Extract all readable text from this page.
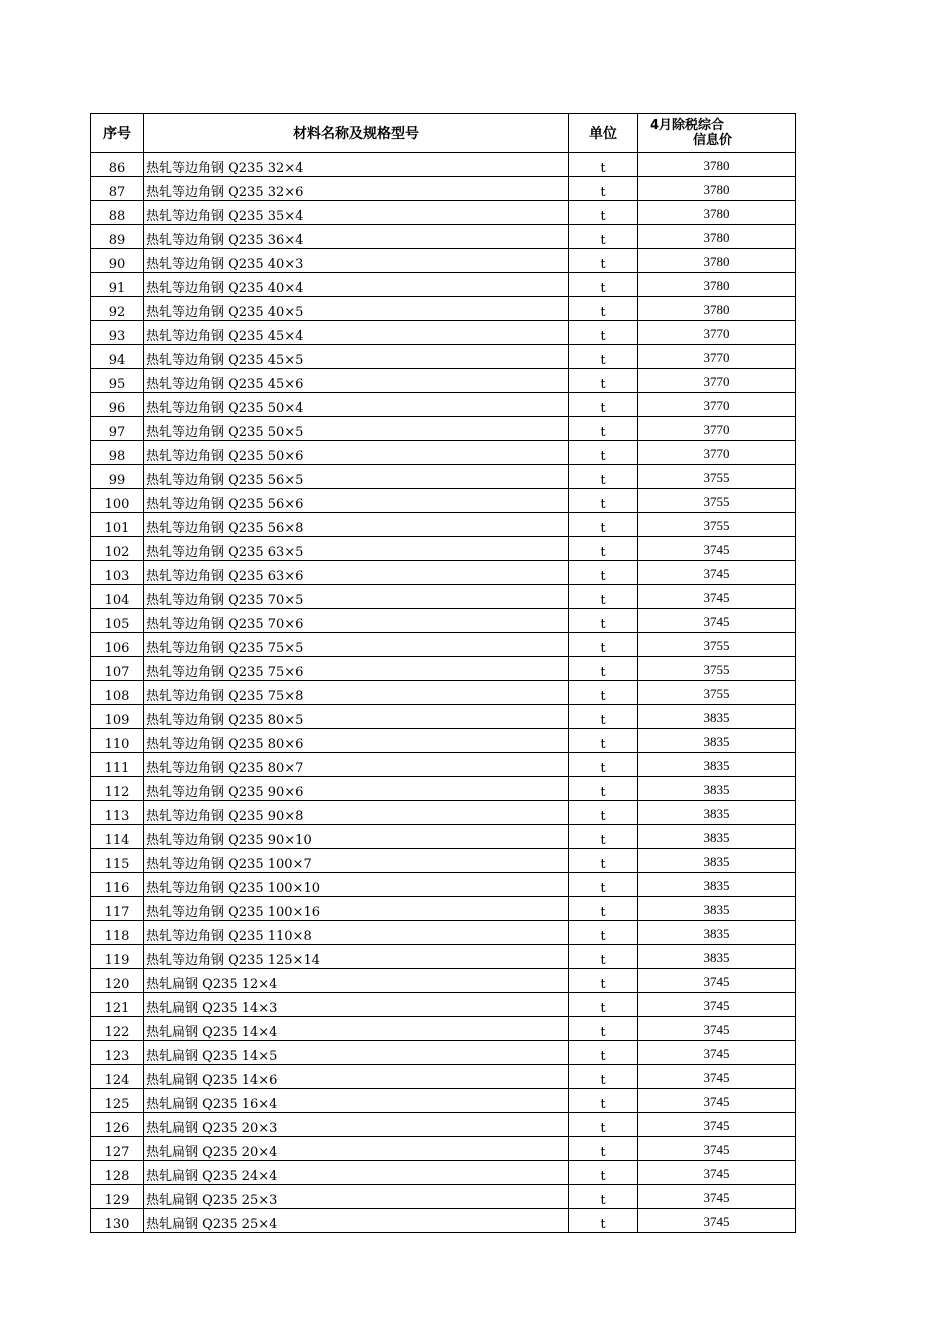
序号	材料名称及规格型号	单位	4月除税综合
信息价

86	热轧等边角钢 Q235 32×4	t	3780
87	热轧等边角钢 Q235 32×6	t	3780
88	热轧等边角钢 Q235 35×4	t	3780
89	热轧等边角钢 Q235 36×4	t	3780
90	热轧等边角钢 Q235 40×3	t	3780
91	热轧等边角钢 Q235 40×4	t	3780
92	热轧等边角钢 Q235 40×5	t	3780
93	热轧等边角钢 Q235 45×4	t	3770
94	热轧等边角钢 Q235 45×5	t	3770
95	热轧等边角钢 Q235 45×6	t	3770
96	热轧等边角钢 Q235 50×4	t	3770
97	热轧等边角钢 Q235 50×5	t	3770
98	热轧等边角钢 Q235 50×6	t	3770
99	热轧等边角钢 Q235 56×5	t	3755
100	热轧等边角钢 Q235 56×6	t	3755
101	热轧等边角钢 Q235 56×8	t	3755
102	热轧等边角钢 Q235 63×5	t	3745
103	热轧等边角钢 Q235 63×6	t	3745
104	热轧等边角钢 Q235 70×5	t	3745
105	热轧等边角钢 Q235 70×6	t	3745
106	热轧等边角钢 Q235 75×5	t	3755
107	热轧等边角钢 Q235 75×6	t	3755
108	热轧等边角钢 Q235 75×8	t	3755
109	热轧等边角钢 Q235 80×5	t	3835
110	热轧等边角钢 Q235 80×6	t	3835
111	热轧等边角钢 Q235 80×7	t	3835
112	热轧等边角钢 Q235 90×6	t	3835
113	热轧等边角钢 Q235 90×8	t	3835
114	热轧等边角钢 Q235 90×10	t	3835
115	热轧等边角钢 Q235 100×7	t	3835
116	热轧等边角钢 Q235 100×10	t	3835
117	热轧等边角钢 Q235 100×16	t	3835
118	热轧等边角钢 Q235 110×8	t	3835
119	热轧等边角钢 Q235 125×14	t	3835
120	热轧扁钢 Q235 12×4	t	3745
121	热轧扁钢 Q235 14×3	t	3745
122	热轧扁钢 Q235 14×4	t	3745
123	热轧扁钢 Q235 14×5	t	3745
124	热轧扁钢 Q235 14×6	t	3745
125	热轧扁钢 Q235 16×4	t	3745
126	热轧扁钢 Q235 20×3	t	3745
127	热轧扁钢 Q235 20×4	t	3745
128	热轧扁钢 Q235 24×4	t	3745
129	热轧扁钢 Q235 25×3	t	3745
130	热轧扁钢 Q235 25×4	t	3745
